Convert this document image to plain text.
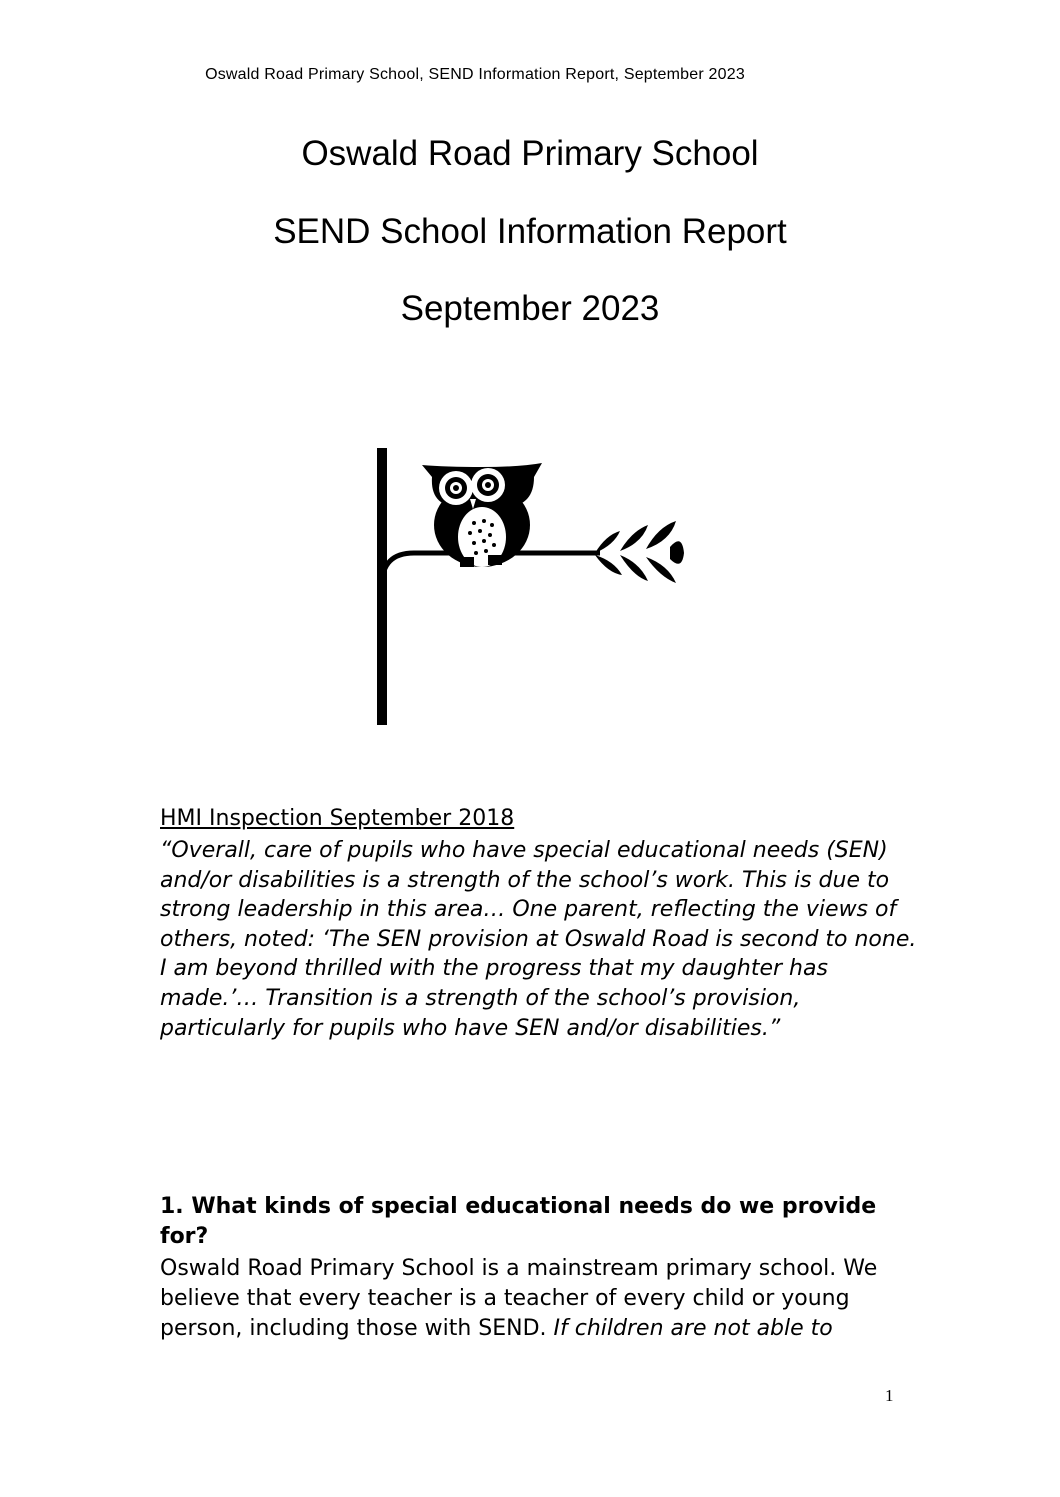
Oswald Road Primary School, SEND Information Report, September 2023
Oswald Road Primary School
SEND School Information Report
September 2023
HMI Inspection September 2018
“Overall, care of pupils who have special educational needs (SEN) and/or disabilities is a strength of the school’s work. This is due to strong leadership in this area… One parent, reflecting the views of others, noted: ‘The SEN provision at Oswald Road is second to none. I am beyond thrilled with the progress that my daughter has made.’… Transition is a strength of the school’s provision, particularly for pupils who have SEN and/or disabilities.”
1. What kinds of special educational needs do we provide for?
Oswald Road Primary School is a mainstream primary school. We believe that every teacher is a teacher of every child or young person, including those with SEND. If children are not able to
1
